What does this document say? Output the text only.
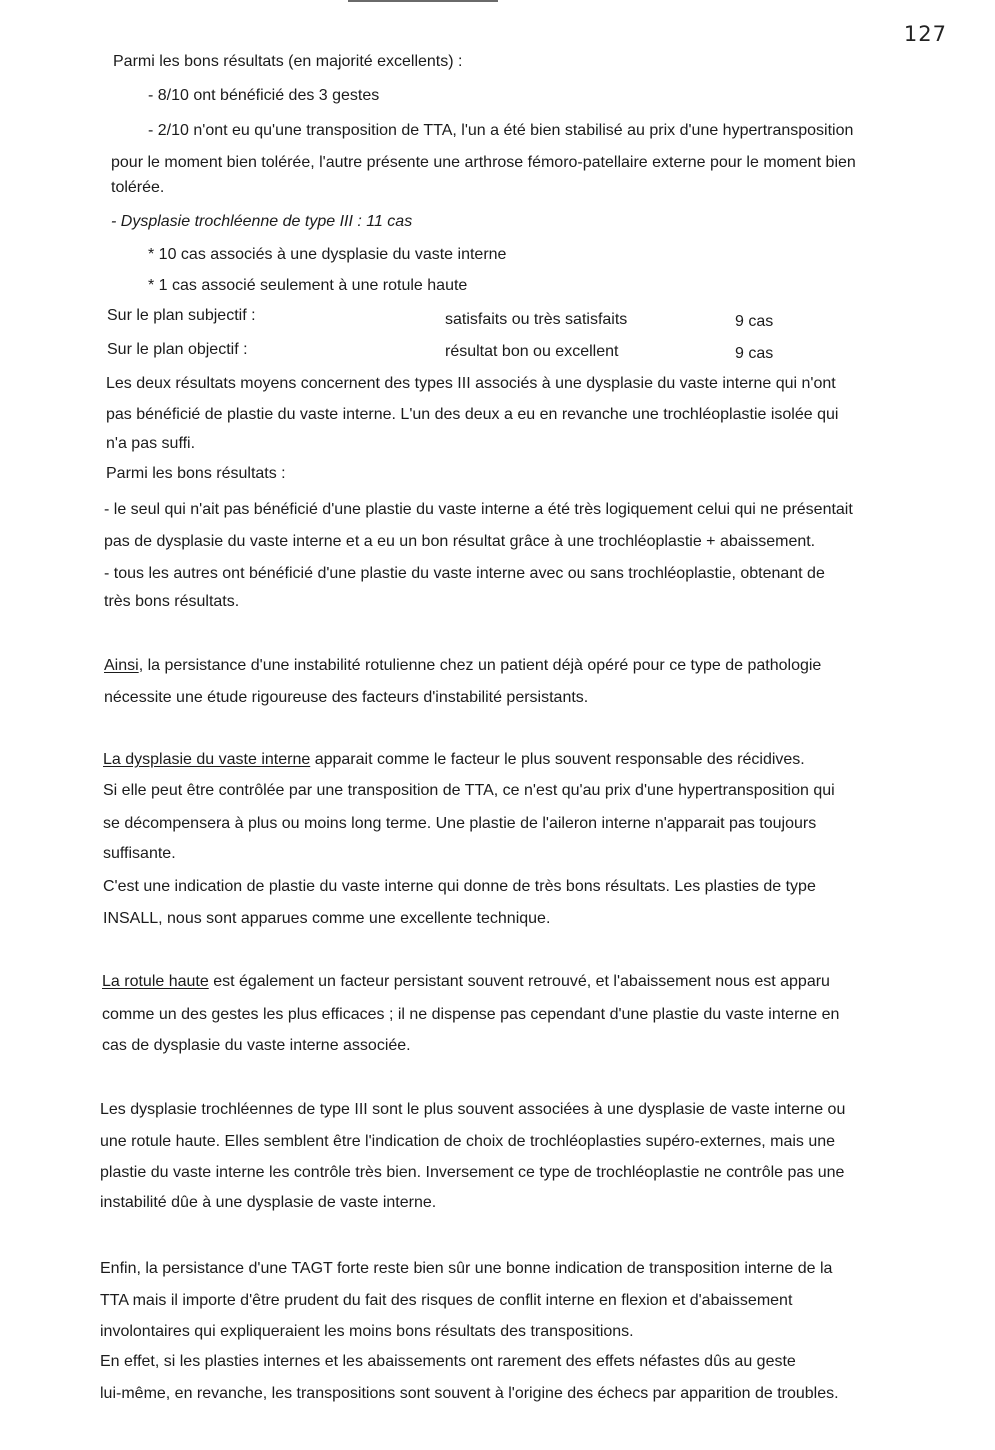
127
Parmi les bons résultats (en majorité excellents) :
- 8/10 ont bénéficié des 3 gestes
- 2/10 n'ont eu qu'une transposition de TTA, l'un a été bien stabilisé au prix d'une hypertransposition
pour le moment bien tolérée, l'autre présente une arthrose fémoro-patellaire externe pour le moment bien
tolérée.
- Dysplasie trochléenne de type III : 11 cas
* 10 cas associés à une dysplasie du vaste interne
* 1 cas associé seulement à une rotule haute
Sur le plan subjectif :	satisfaits ou très satisfaits	9 cas
Sur le plan objectif :	résultat bon ou excellent	9 cas
Les deux résultats moyens concernent des types III associés à une dysplasie du vaste interne qui n'ont
pas bénéficié de plastie du vaste interne. L'un des deux a eu en revanche une trochléoplastie isolée qui
n'a pas suffi.
Parmi les bons résultats :
- le seul qui n'ait pas bénéficié d'une plastie du vaste interne a été très logiquement celui qui ne présentait
pas de dysplasie du vaste interne et a eu un bon résultat grâce à une trochléoplastie + abaissement.
- tous les autres ont bénéficié d'une plastie du vaste interne avec ou sans trochléoplastie, obtenant de
très bons résultats.
Ainsi, la persistance d'une instabilité rotulienne chez un patient déjà opéré pour ce type de pathologie
nécessite une étude rigoureuse des facteurs d'instabilité persistants.
La dysplasie du vaste interne apparait comme le facteur le plus souvent responsable des récidives.
Si elle peut être contrôlée par une transposition de TTA, ce n'est qu'au prix d'une hypertransposition qui
se décompensera à plus ou moins long terme. Une plastie de l'aileron interne n'apparait pas toujours
suffisante.
C'est une indication de plastie du vaste interne qui donne de très bons résultats. Les plasties de type
INSALL, nous sont apparues comme une excellente technique.
La rotule haute est également un facteur persistant souvent retrouvé, et l'abaissement nous est apparu
comme un des gestes les plus efficaces ; il ne dispense pas cependant d'une plastie du vaste interne en
cas de dysplasie du vaste interne associée.
Les dysplasie trochléennes de type III sont le plus souvent associées à une dysplasie de vaste interne ou
une rotule haute. Elles semblent être l'indication de choix de trochléoplasties supéro-externes, mais une
plastie du vaste interne les contrôle très bien. Inversement ce type de trochléoplastie ne contrôle pas une
instabilité dûe à une dysplasie de vaste interne.
Enfin, la persistance d'une TAGT forte reste bien sûr une bonne indication de transposition interne de la
TTA mais il importe d'être prudent du fait des risques de conflit interne en flexion et d'abaissement
involontaires qui expliqueraient les moins bons résultats des transpositions.
En effet, si les plasties internes et les abaissements ont rarement des effets néfastes dûs au geste
lui-même, en revanche, les transpositions sont souvent à l'origine des échecs par apparition de troubles.
